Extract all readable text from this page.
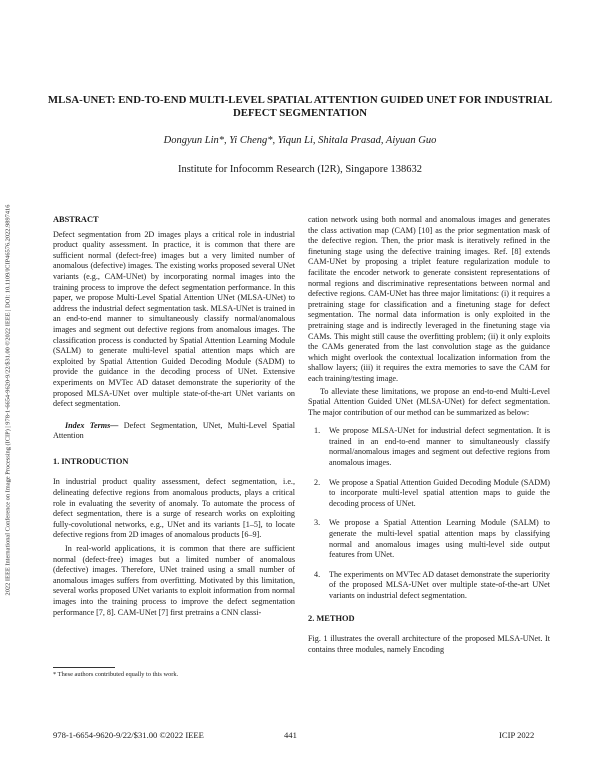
2022 IEEE International Conference on Image Processing (ICIP) | 978-1-6654-9620-9/22/$31.00 ©2022 IEEE | DOI: 10.1109/ICIP46576.2022.9897416
MLSA-UNET: END-TO-END MULTI-LEVEL SPATIAL ATTENTION GUIDED UNET FOR INDUSTRIAL DEFECT SEGMENTATION
Dongyun Lin*, Yi Cheng*, Yiqun Li, Shitala Prasad, Aiyuan Guo
Institute for Infocomm Research (I2R), Singapore 138632

ABSTRACT

Defect segmentation from 2D images plays a critical role in industrial product quality assessment. In practice, it is common that there are sufficient normal (defect-free) images but a very limited number of anomalous (defective) images. The existing works proposed several UNet variants (e.g., CAM-UNet) by incorporating normal images into the training process to improve the defect segmentation performance. In this paper, we propose Multi-Level Spatial Attention UNet (MLSA-UNet) to address the industrial defect segmentation task. MLSA-UNet is trained in an end-to-end manner to simultaneously classify normal/anomalous images and segment out defective regions from anomalous images. The classification process is conducted by Spatial Attention Learning Module (SALM) to generate multi-level spatial attention maps which are exploited by Spatial Attention Guided Decoding Module (SADM) to provide the guidance in the decoding process of UNet. Extensive experiments on MVTec AD dataset demonstrate the superiority of the proposed MLSA-UNet over multiple state-of-the-art UNet variants on defect segmentation.

Index Terms— Defect Segmentation, UNet, Multi-Level Spatial Attention

1. INTRODUCTION

In industrial product quality assessment, defect segmentation, i.e., delineating defective regions from anomalous products, plays a critical role in evaluating the severity of anomaly. To automate the process of defect segmentation, there is a surge of research works on exploiting fully-covolutional networks, e.g., UNet and its variants [1–5], to locate defective regions from 2D images of anomalous products [6–9].

In real-world applications, it is common that there are sufficient normal (defect-free) images but a limited number of anomalous (defective) images. Therefore, UNet trained using a small number of anomalous images suffers from overfitting. Motivated by this limitation, several works proposed UNet variants to exploit information from normal images into the training process to improve the defect segmentation performance [7, 8]. CAM-UNet [7] first pretrains a CNN classi-

cation network using both normal and anomalous images and generates the class activation map (CAM) [10] as the prior segmentation mask of the defective region. Then, the prior mask is iteratively refined in the finetuning stage using the defective training images. Ref. [8] extends CAM-UNet by proposing a triplet feature regularization module to facilitate the encoder network to generate consistent representations of normal regions and discriminative representations between normal and defective regions. CAM-UNet has three major limitations: (i) it requires a pretraining stage for classification and a finetuning stage for defect segmentation. The normal data information is only exploited in the pretraining stage and is indirectly leveraged in the finetuning stage via CAMs. This might still cause the overfitting problem; (ii) it only exploits the CAMs generated from the last convolution stage as the guidance which might overlook the contextual localization information from the shallow layers; (iii) it requires the extra memories to save the CAM for each training/testing image.

To alleviate these limitations, we propose an end-to-end Multi-Level Spatial Attention Guided UNet (MLSA-UNet) for defect segmentation. The major contribution of our method can be summarized as below:

1. We propose MLSA-UNet for industrial defect segmentation. It is trained in an end-to-end manner to simultaneously classify normal/anomalous images and segment out defective regions from anomalous images.
2. We propose a Spatial Attention Guided Decoding Module (SADM) to incorporate multi-level spatial attention maps to guide the decoding process of UNet.
3. We propose a Spatial Attention Learning Module (SALM) to generate the multi-level spatial attention maps by classifying normal and anomalous images using multi-level side output features from UNet.
4. The experiments on MVTec AD dataset demonstrate the superiority of the proposed MLSA-UNet over multiple state-of-the-art UNet variants on industrial defect segmentation.

2. METHOD

Fig. 1 illustrates the overall architecture of the proposed MLSA-UNet. It contains three modules, namely Encoding

* These authors contributed equally to this work.
978-1-6654-9620-9/22/$31.00 ©2022 IEEE	441	ICIP 2022
